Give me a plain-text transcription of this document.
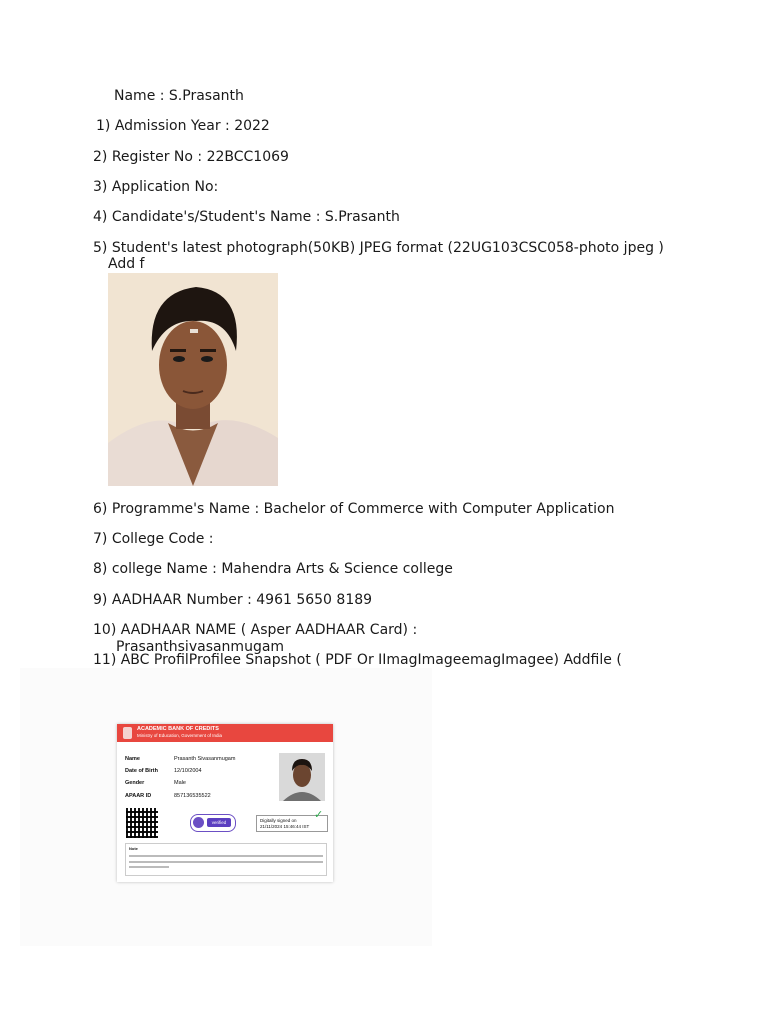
Name : S.Prasanth
1) Admission Year : 2022
2) Register No : 22BCC1069
3) Application No:
4) Candidate's/Student's Name : S.Prasanth
5) Student's latest photograph(50KB) JPEG format (22UG103CSC058-photo jpeg )
Add f
6) Programme's Name : Bachelor of Commerce with Computer Application
7) College Code :
8) college Name : Mahendra Arts & Science college
9) AADHAAR Number : 4961 5650 8189
10) AADHAAR NAME ( Asper AADHAAR Card) :
Prasanthsivasanmugam
11) ABC ProfilProfilee Snapshot ( PDF Or IImagImageemagImagee) Addfile (
ACADEMIC BANK OF CREDITS
Ministry of Education, Government of India
Name	Prasanth Sivasanmugam
Date of Birth	12/10/2004
Gender	Male
APAAR ID	857136535522
verified	Digitally signed on
21/11/2024 15:46:44 IST
✓
Note
